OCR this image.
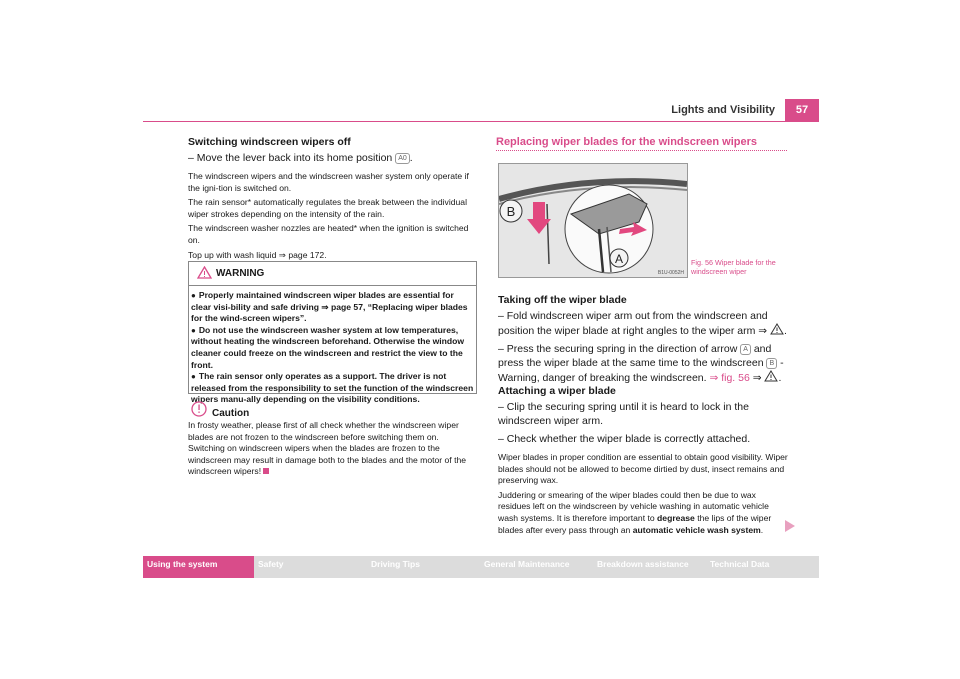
Lights and Visibility	57
Switching windscreen wipers off
– Move the lever back into its home position A0 .
The windscreen wipers and the windscreen washer system only operate if the igni-tion is switched on.
The rain sensor* automatically regulates the break between the individual wiper strokes depending on the intensity of the rain.
The windscreen washer nozzles are heated* when the ignition is switched on.
Top up with wash liquid ⇒ page 172.
WARNING
● Properly maintained windscreen wiper blades are essential for clear visi-bility and safe driving ⇒ page 57, “Replacing wiper blades for the wind-screen wipers”.
● Do not use the windscreen washer system at low temperatures, without heating the windscreen beforehand. Otherwise the window cleaner could freeze on the windscreen and restrict the view to the front.
● The rain sensor only operates as a support. The driver is not released from the responsibility to set the function of the windscreen wipers manu-ally depending on the visibility conditions.
Caution
In frosty weather, please first of all check whether the windscreen wiper blades are not frozen to the windscreen before switching them on. Switching on windscreen wipers when the blades are frozen to the windscreen may result in damage both to the blades and the motor of the windscreen wipers!
Replacing wiper blades for the windscreen wipers
B
A
B1U-0052H
Fig. 56 Wiper blade for the windscreen wiper
Taking off the wiper blade
– Fold windscreen wiper arm out from the windscreen and position the wiper blade at right angles to the wiper arm ⇒ .
– Press the securing spring in the direction of arrow A and press the wiper blade at the same time to the windscreen B - Warning, danger of breaking the windscreen. ⇒ fig. 56 ⇒ .
Attaching a wiper blade
– Clip the securing spring until it is heard to lock in the windscreen wiper arm.
– Check whether the wiper blade is correctly attached.
Wiper blades in proper condition are essential to obtain good visibility. Wiper blades should not be allowed to become dirtied by dust, insect remains and preserving wax.
Juddering or smearing of the wiper blades could then be due to wax residues left on the windscreen by vehicle washing in automatic vehicle wash systems. It is therefore important to degrease the lips of the wiper blades after every pass through an automatic vehicle wash system.
Using the system	Safety	Driving Tips	General Maintenance	Breakdown assistance	Technical Data
